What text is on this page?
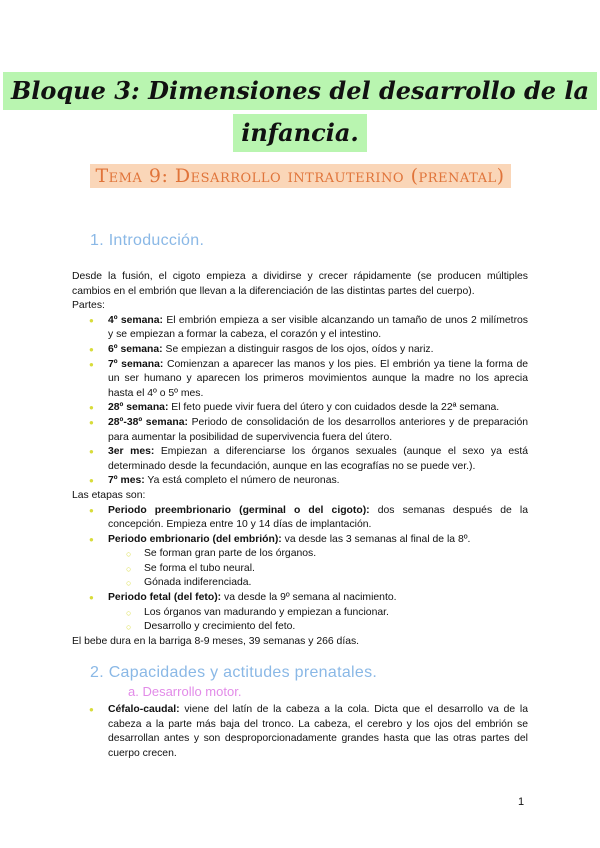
Bloque 3: Dimensiones del desarrollo de la
infancia.
Tema 9: Desarrollo intrauterino (prenatal)
1. Introducción.

Desde la fusión, el cigoto empieza a dividirse y crecer rápidamente (se producen múltiples cambios en el embrión que llevan a la diferenciación de las distintas partes del cuerpo).

Partes:

● 4º semana: El embrión empieza a ser visible alcanzando un tamaño de unos 2 milímetros y se empiezan a formar la cabeza, el corazón y el intestino.
● 6º semana: Se empiezan a distinguir rasgos de los ojos, oídos y nariz.
● 7º semana: Comienzan a aparecer las manos y los pies. El embrión ya tiene la forma de un ser humano y aparecen los primeros movimientos aunque la madre no los aprecia hasta el 4º o 5º mes.
● 28º semana: El feto puede vivir fuera del útero y con cuidados desde la 22ª semana.
● 28º-38º semana: Periodo de consolidación de los desarrollos anteriores y de preparación para aumentar la posibilidad de supervivencia fuera del útero.
● 3er mes: Empiezan a diferenciarse los órganos sexuales (aunque el sexo ya está determinado desde la fecundación, aunque en las ecografías no se puede ver.).
● 7º mes: Ya está completo el número de neuronas.

Las etapas son:

● Periodo preembrionario (germinal o del cigoto): dos semanas después de la concepción. Empieza entre 10 y 14 días de implantación.
● Periodo embrionario (del embrión): va desde las 3 semanas al final de la 8º.
○ Se forman gran parte de los órganos.
○ Se forma el tubo neural.
○ Gónada indiferenciada.
● Periodo fetal (del feto): va desde la 9º semana al nacimiento.
○ Los órganos van madurando y empiezan a funcionar.
○ Desarrollo y crecimiento del feto.

El bebe dura en la barriga 8-9 meses, 39 semanas y 266 días.

2. Capacidades y actitudes prenatales.
a. Desarrollo motor.
● Céfalo-caudal: viene del latín de la cabeza a la cola. Dicta que el desarrollo va de la cabeza a la parte más baja del tronco. La cabeza, el cerebro y los ojos del embrión se desarrollan antes y son desproporcionadamente grandes hasta que las otras partes del cuerpo crecen.
1
